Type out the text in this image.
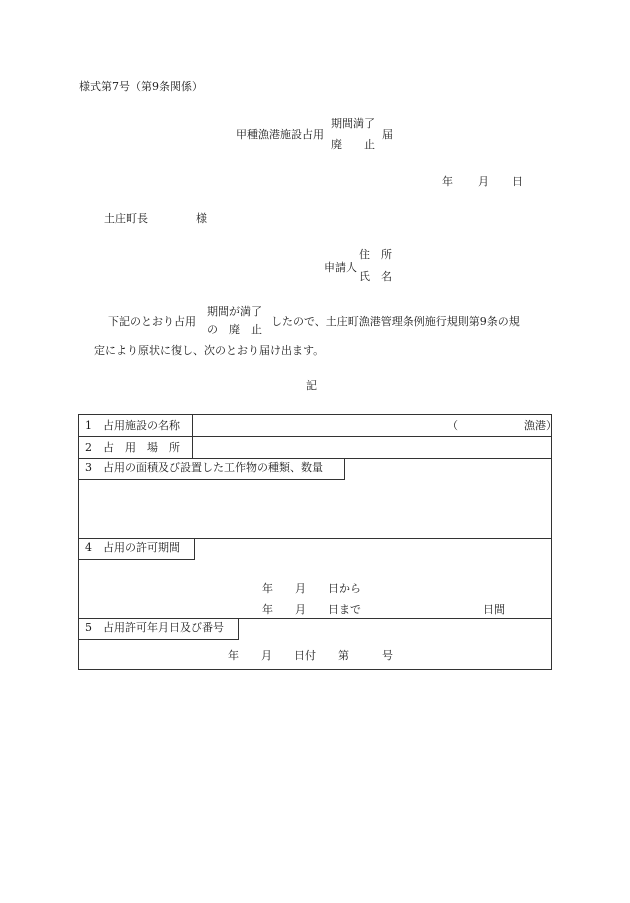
様式第7号（第9条関係）
甲種漁港施設占用
期間満了
廃　　止
届
年 月 日
土庄町長	様
申請人
住　所
氏　名
下記のとおり占用
期間が満了
の　廃　止
したので、土庄町漁港管理条例施行規則第9条の規
定により原状に復し、次のとおり届け出ます。
記
1　占用施設の名称	（　　　　　　漁港）
2　占　用　場　所
3　占用の面積及び設置した工作物の種類、数量
4　占用の許可期間
年　　月　　日から
年　　月　　日まで	日間
5　占用許可年月日及び番号
年　　月　　日付　　第　　　号
